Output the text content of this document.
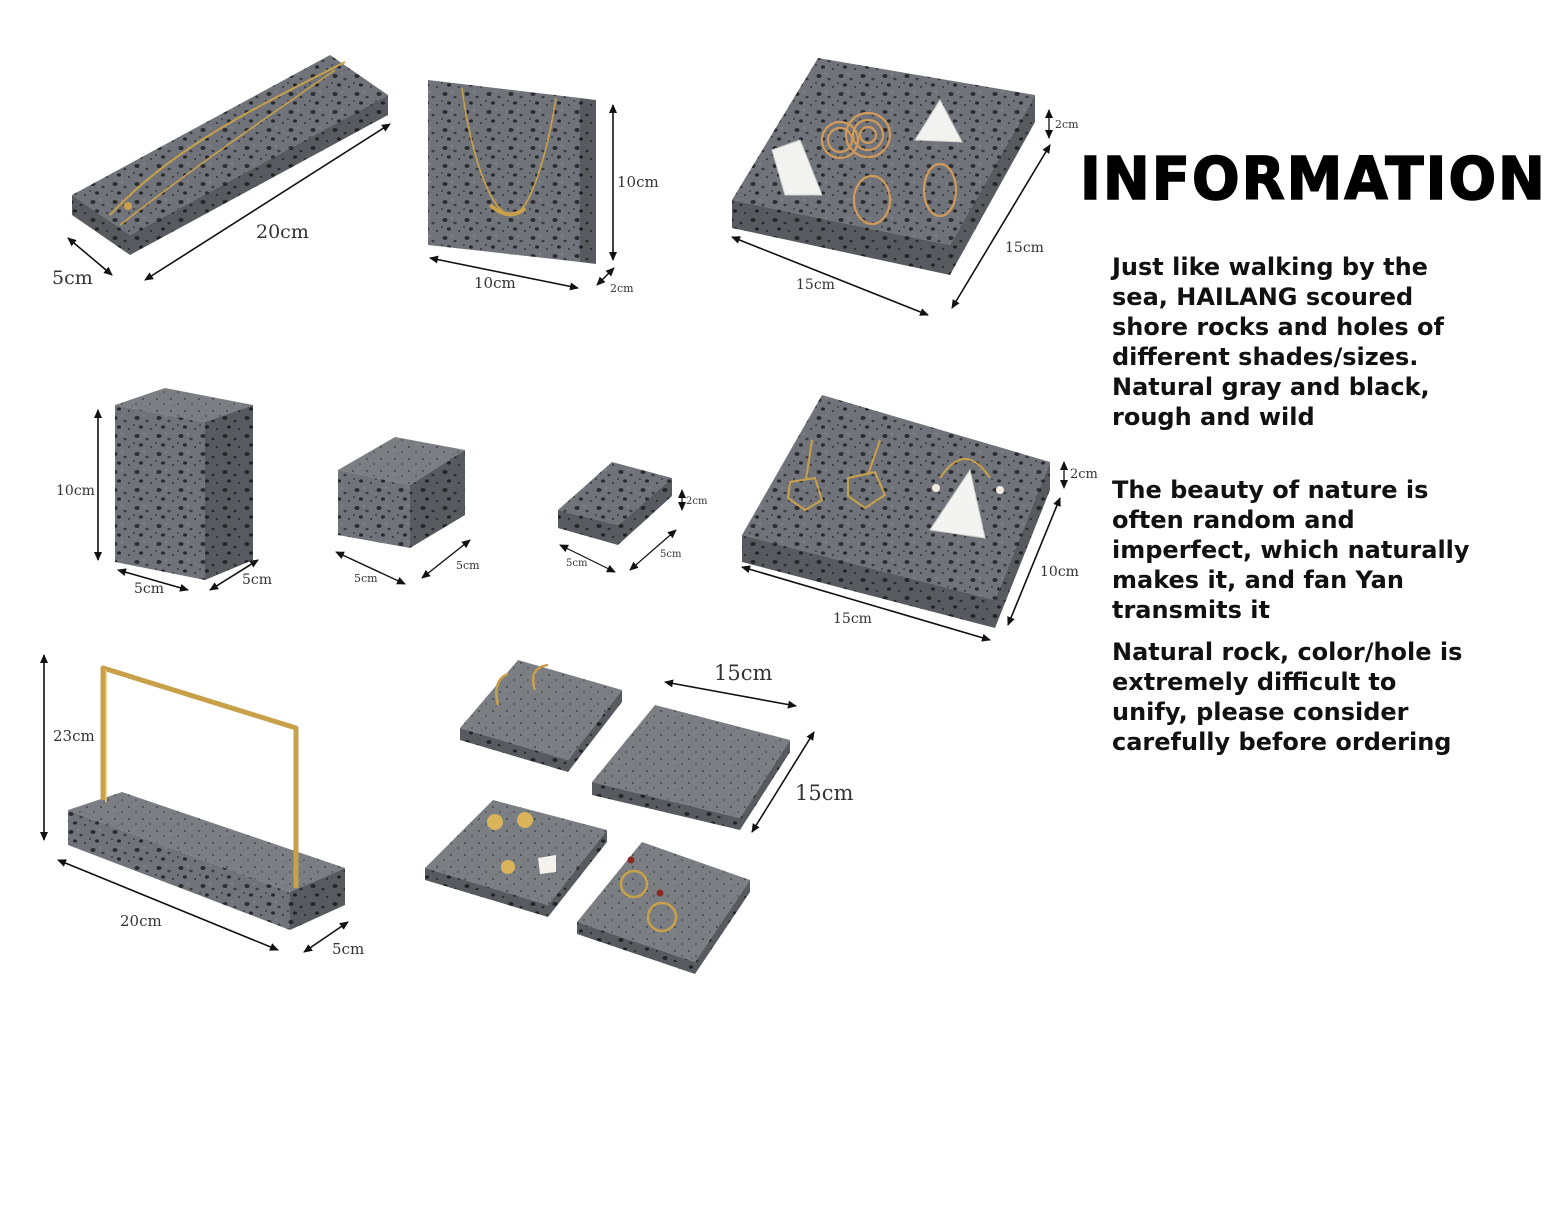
20cm
5cm
10cm
10cm	2cm
2cm
15cm
15cm
10cm
5cm
5cm	5cm
5cm
2cm
5cm
5cm
2cm
10cm
15cm
23cm
20cm
5cm
15cm
15cm
INFORMATION

Just like walking by the sea, HAILANG scoured shore rocks and holes of different shades/sizes. Natural gray and black, rough and wild

The beauty of nature is often random and imperfect, which naturally makes it, and fan Yan transmits it

Natural rock, color/hole is extremely difficult to unify, please consider carefully before ordering
